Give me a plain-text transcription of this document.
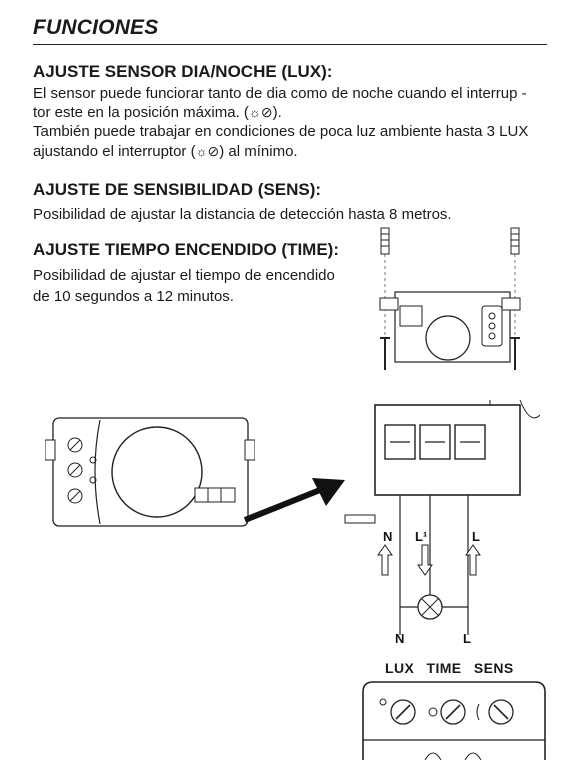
FUNCIONES
AJUSTE SENSOR DIA/NOCHE (LUX):
El sensor puede funciorar tanto de dia como de noche cuando el interrup -
tor este en la posición máxima. (☼⊘).
También puede trabajar en condiciones de poca luz ambiente hasta 3 LUX
ajustando el interruptor (☼⊘) al mínimo.
AJUSTE DE SENSIBILIDAD (SENS):
Posibilidad de ajustar la distancia de detección hasta 8 metros.
AJUSTE TIEMPO ENCENDIDO (TIME):
Posibilidad de ajustar el tiempo de encendido
de 10 segundos a 12 minutos.
N L¹	L
N	L
LUX TIME SENS
